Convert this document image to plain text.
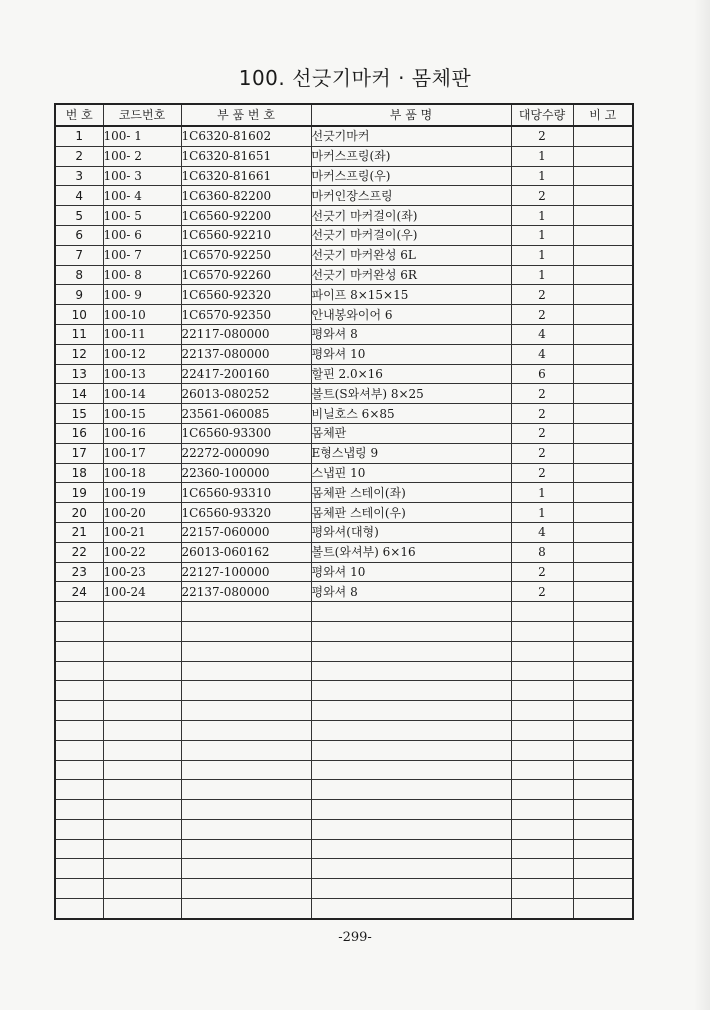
100. 선긋기마커 · 몸체판
번 호	코드번호	부 품 번 호	부 품 명	대당수량	비 고
1	100- 1	1C6320-81602	선긋기마커	2	
2	100- 2	1C6320-81651	마커스프링(좌)	1	
3	100- 3	1C6320-81661	마커스프링(우)	1	
4	100- 4	1C6360-82200	마커인장스프링	2	
5	100- 5	1C6560-92200	선긋기 마커걸이(좌)	1	
6	100- 6	1C6560-92210	선긋기 마커걸이(우)	1	
7	100- 7	1C6570-92250	선긋기 마커완성 6L	1	
8	100- 8	1C6570-92260	선긋기 마커완성 6R	1	
9	100- 9	1C6560-92320	파이프 8×15×15	2	
10	100-10	1C6570-92350	안내봉와이어 6	2	
11	100-11	22117-080000	평와셔 8	4	
12	100-12	22137-080000	평와셔 10	4	
13	100-13	22417-200160	할핀 2.0×16	6	
14	100-14	26013-080252	볼트(S와셔부) 8×25	2	
15	100-15	23561-060085	비닐호스 6×85	2	
16	100-16	1C6560-93300	몸체판	2	
17	100-17	22272-000090	E형스냅링 9	2	
18	100-18	22360-100000	스냅핀 10	2	
19	100-19	1C6560-93310	몸체판 스테이(좌)	1	
20	100-20	1C6560-93320	몸체판 스테이(우)	1	
21	100-21	22157-060000	평와셔(대형)	4	
22	100-22	26013-060162	볼트(와셔부) 6×16	8	
23	100-23	22127-100000	평와셔 10	2	
24	100-24	22137-080000	평와셔 8	2	

-299-
